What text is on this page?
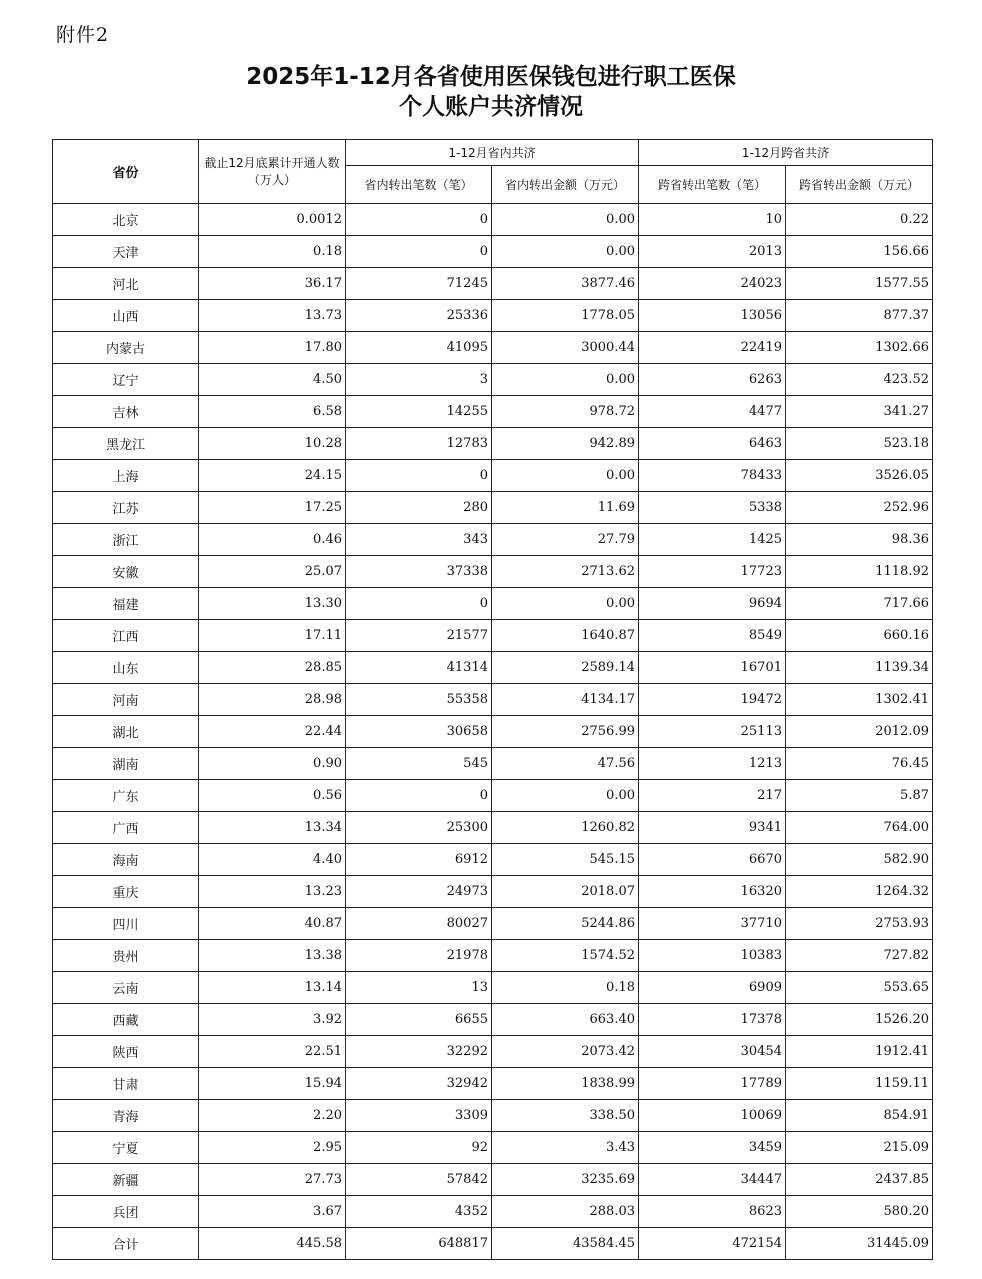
附件2
2025年1-12月各省使用医保钱包进行职工医保
个人账户共济情况
省份	截止12月底累计开通人数（万人）	1-12月省内共济		1-12月跨省共济	
		省内转出笔数（笔）	省内转出金额（万元）	跨省转出笔数（笔）	跨省转出金额（万元）
北京	0.0012	0	0.00	10	0.22
天津	0.18	0	0.00	2013	156.66
河北	36.17	71245	3877.46	24023	1577.55
山西	13.73	25336	1778.05	13056	877.37
内蒙古	17.80	41095	3000.44	22419	1302.66
辽宁	4.50	3	0.00	6263	423.52
吉林	6.58	14255	978.72	4477	341.27
黑龙江	10.28	12783	942.89	6463	523.18
上海	24.15	0	0.00	78433	3526.05
江苏	17.25	280	11.69	5338	252.96
浙江	0.46	343	27.79	1425	98.36
安徽	25.07	37338	2713.62	17723	1118.92
福建	13.30	0	0.00	9694	717.66
江西	17.11	21577	1640.87	8549	660.16
山东	28.85	41314	2589.14	16701	1139.34
河南	28.98	55358	4134.17	19472	1302.41
湖北	22.44	30658	2756.99	25113	2012.09
湖南	0.90	545	47.56	1213	76.45
广东	0.56	0	0.00	217	5.87
广西	13.34	25300	1260.82	9341	764.00
海南	4.40	6912	545.15	6670	582.90
重庆	13.23	24973	2018.07	16320	1264.32
四川	40.87	80027	5244.86	37710	2753.93
贵州	13.38	21978	1574.52	10383	727.82
云南	13.14	13	0.18	6909	553.65
西藏	3.92	6655	663.40	17378	1526.20
陕西	22.51	32292	2073.42	30454	1912.41
甘肃	15.94	32942	1838.99	17789	1159.11
青海	2.20	3309	338.50	10069	854.91
宁夏	2.95	92	3.43	3459	215.09
新疆	27.73	57842	3235.69	34447	2437.85
兵团	3.67	4352	288.03	8623	580.20
合计	445.58	648817	43584.45	472154	31445.09
